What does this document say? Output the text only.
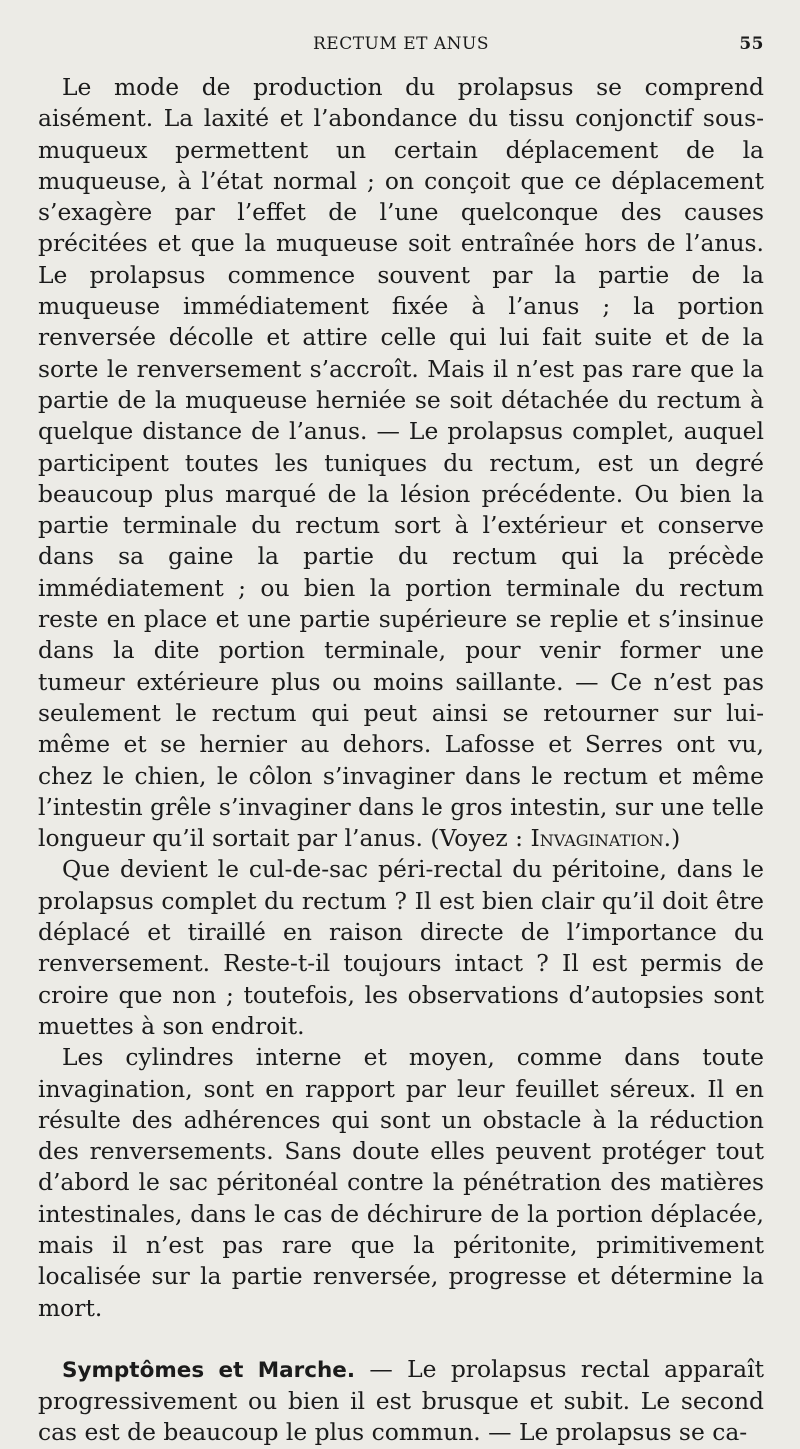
RECTUM ET ANUS	55

Le mode de production du prolapsus se comprend aisément. La laxité et l’abondance du tissu conjonctif sous-muqueux permettent un certain déplacement de la muqueuse, à l’état normal ; on conçoit que ce déplacement s’exagère par l’effet de l’une quelconque des causes précitées et que la muqueuse soit entraînée hors de l’anus. Le prolapsus commence souvent par la partie de la muqueuse immédiatement fixée à l’anus ; la portion renversée décolle et attire celle qui lui fait suite et de la sorte le renversement s’accroît. Mais il n’est pas rare que la partie de la muqueuse herniée se soit détachée du rectum à quelque distance de l’anus. — Le prolapsus complet, auquel participent toutes les tuniques du rectum, est un degré beaucoup plus marqué de la lésion précédente. Ou bien la partie terminale du rectum sort à l’extérieur et conserve dans sa gaine la partie du rectum qui la précède immédiatement ; ou bien la portion terminale du rectum reste en place et une partie supérieure se replie et s’insinue dans la dite portion terminale, pour venir former une tumeur extérieure plus ou moins saillante. — Ce n’est pas seulement le rectum qui peut ainsi se retourner sur lui-même et se hernier au dehors. Lafosse et Serres ont vu, chez le chien, le côlon s’invaginer dans le rectum et même l’intestin grêle s’invaginer dans le gros intestin, sur une telle longueur qu’il sortait par l’anus. (Voyez : Invagination.)

Que devient le cul-de-sac péri-rectal du péritoine, dans le prolapsus complet du rectum ? Il est bien clair qu’il doit être déplacé et tiraillé en raison directe de l’importance du renversement. Reste-t-il toujours intact ? Il est permis de croire que non ; toutefois, les observations d’autopsies sont muettes à son endroit.

Les cylindres interne et moyen, comme dans toute invagination, sont en rapport par leur feuillet séreux. Il en résulte des adhérences qui sont un obstacle à la réduction des renversements. Sans doute elles peuvent protéger tout d’abord le sac péritonéal contre la pénétration des matières intestinales, dans le cas de déchirure de la portion déplacée, mais il n’est pas rare que la péritonite, primitivement localisée sur la partie renversée, progresse et détermine la mort.

Symptômes et Marche. — Le prolapsus rectal apparaît progressivement ou bien il est brusque et subit. Le second cas est de beaucoup le plus commun. — Le prolapsus se ca-
